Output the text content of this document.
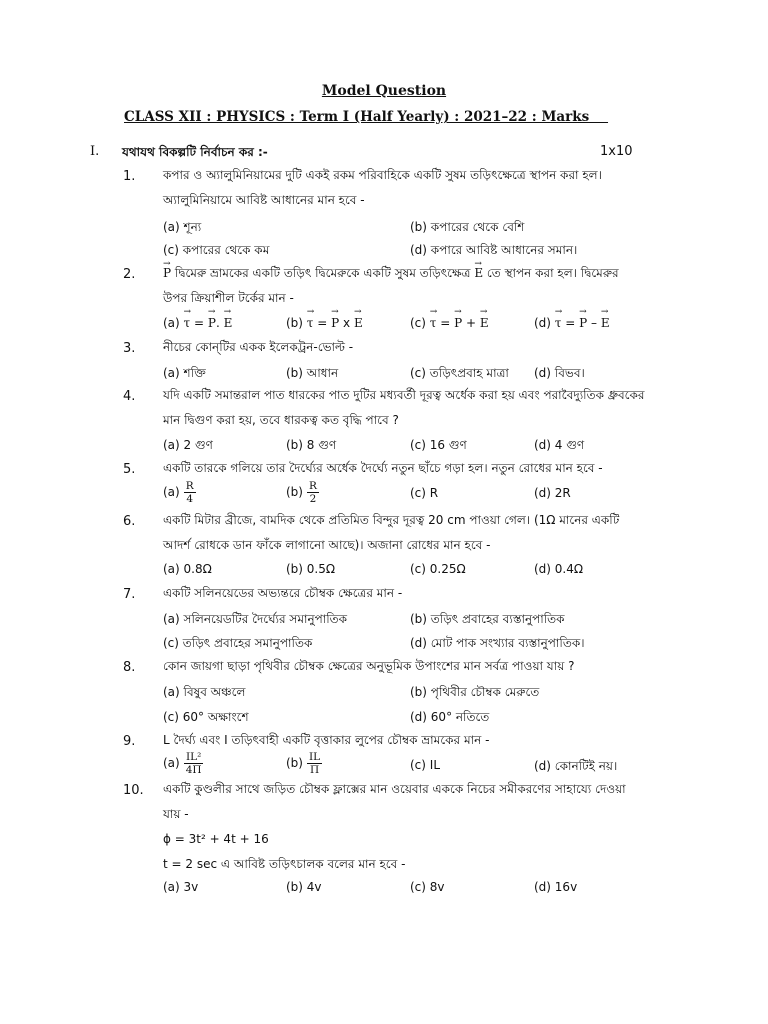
Model Question
CLASS XII : PHYSICS : Term I (Half Yearly) : 2021–22 : Marks
I. যথাযথ বিকল্পটি নির্বাচন কর :-	1x10
1.	কপার ও অ্যালুমিনিয়ামের দুটি একই রকম পরিবাহিকে একটি সুষম তড়িৎক্ষেত্রে স্থাপন করা হল।
অ্যালুমিনিয়ামে আবিষ্ট আধানের মান হবে -
(a) শূন্য	(b) কপারের থেকে বেশি
(c) কপারের থেকে কম	(d) কপারে আবিষ্ট আধানের সমান।
2.
→	P দ্বিমেরু ভ্রামকের একটি তড়িৎ দ্বিমেরুকে একটি সুষম তড়িৎক্ষেত্র → E তে স্থাপন করা হল। দ্বিমেরুর
উপর ক্রিয়াশীল টর্কের মান -
(a) → τ = → P. → E	(b) → τ = → P x → E	(c) → τ = → P + → E	(d) → τ = → P – → E
3.	নীচের কোন্‌টির একক ইলেকট্রন-ভোল্ট -
(a) শক্তি	(b) আধান	(c) তড়িৎপ্রবাহ মাত্রা (d) বিভব।
4.	যদি একটি সমান্তরাল পাত ধারকের পাত দুটির মধ্যবর্তী দূরত্ব অর্ধেক করা হয় এবং পরাবৈদ্যুতিক ধ্রুবকের
মান দ্বিগুণ করা হয়, তবে ধারকত্ব কত বৃদ্ধি পাবে ?
(a) 2 গুণ	(b) 8 গুণ	(c) 16 গুণ	(d) 4 গুণ
5.	একটি তারকে গলিয়ে তার দৈর্ঘ্যের অর্ধেক দৈর্ঘ্যে নতুন ছাঁচে গড়া হল। নতুন রোধের মান হবে -
$(a) \frac{R}{4}$	$(b) \frac{R}{2}$	(c) R	(d) 2R
6.	একটি মিটার ব্রীজে, বামদিক থেকে প্রতিমিত বিন্দুর দূরত্ব 20 cm পাওয়া গেল। (1Ω মানের একটি
আদর্শ রোধকে ডান ফাঁকে লাগানো আছে)। অজানা রোধের মান হবে -
(a) 0.8Ω	(b) 0.5Ω	(c) 0.25Ω	(d) 0.4Ω
7.	একটি সলিনয়েডের অভ্যন্তরে চৌম্বক ক্ষেত্রের মান -
(a) সলিনয়েডটির দৈর্ঘ্যের সমানুপাতিক	(b) তড়িৎ প্রবাহের ব্যস্তানুপাতিক
(c) তড়িৎ প্রবাহের সমানুপাতিক	(d) মোট পাক সংখ্যার ব্যস্তানুপাতিক।
8.	কোন জায়গা ছাড়া পৃথিবীর চৌম্বক ক্ষেত্রের অনুভূমিক উপাংশের মান সর্বত্র পাওয়া যায় ?
(a) বিষুব অঞ্চলে	(b) পৃথিবীর চৌম্বক মেরুতে
(c) 60° অক্ষাংশে	(d) 60° নতিতে
9.	L দৈর্ঘ্য এবং I তড়িৎবাহী একটি বৃত্তাকার লুপের চৌম্বক ভ্রামকের মান -
$(a) \frac{\text{IL²}}{4\Pi}$	$(b) \frac{IL}{\Pi}$	(c) IL	(d) কোনটিই নয়।
10.	একটি কুণ্ডলীর সাথে জড়িত চৌম্বক ফ্লাক্সের মান ওয়েবার এককে নিচের সমীকরণের সাহায্যে দেওয়া
যায় -
ϕ = 3t² + 4t + 16
t = 2 sec এ আবিষ্ট তড়িৎচালক বলের মান হবে -
(a) 3v	(b) 4v	(c) 8v	(d) 16v
